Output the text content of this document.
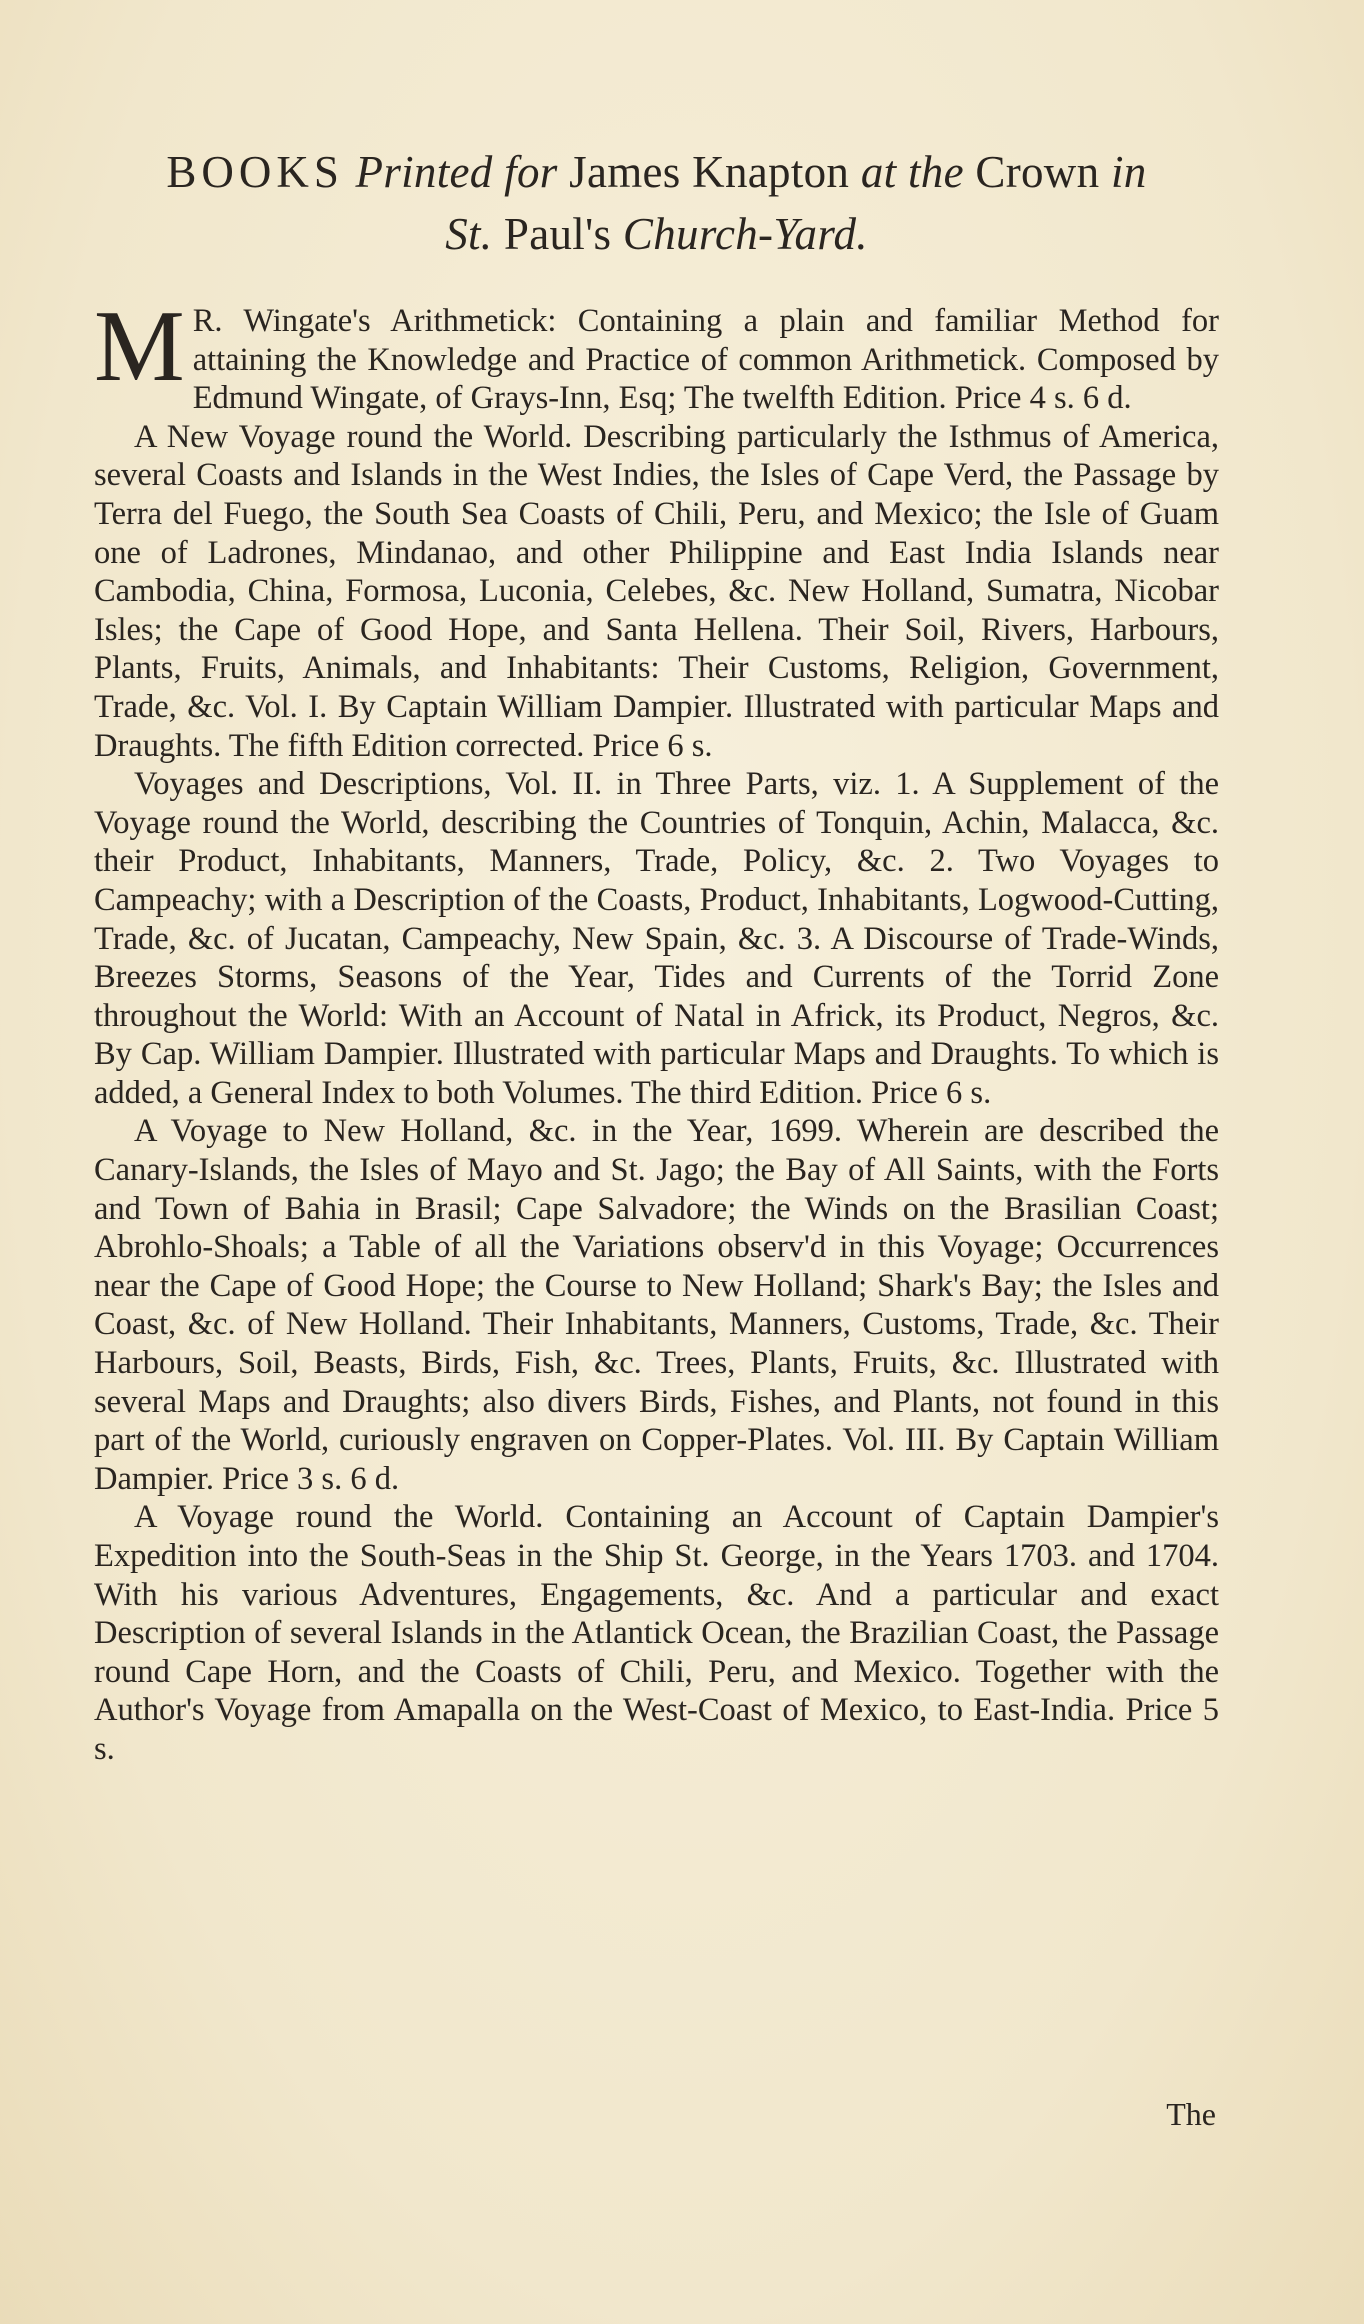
BOOKS Printed for James Knapton at the Crown in
St. Paul's Church-Yard.

M R. Wingate's Arithmetick: Containing a plain and familiar Method for attaining the Knowledge and Practice of common Arithmetick. Composed by Edmund Wingate, of Grays-Inn, Esq; The twelfth Edition. Price 4 s. 6 d.

A New Voyage round the World. Describing particularly the Isthmus of America, several Coasts and Islands in the West Indies, the Isles of Cape Verd, the Passage by Terra del Fuego, the South Sea Coasts of Chili, Peru, and Mexico; the Isle of Guam one of Ladrones, Mindanao, and other Philippine and East India Islands near Cambodia, China, Formosa, Luconia, Celebes, &c. New Holland, Sumatra, Nicobar Isles; the Cape of Good Hope, and Santa Hellena. Their Soil, Rivers, Harbours, Plants, Fruits, Animals, and Inhabitants: Their Customs, Religion, Government, Trade, &c. Vol. I. By Captain William Dampier. Illustrated with particular Maps and Draughts. The fifth Edition corrected. Price 6 s.

Voyages and Descriptions, Vol. II. in Three Parts, viz. 1. A Supplement of the Voyage round the World, describing the Countries of Tonquin, Achin, Malacca, &c. their Product, Inhabitants, Manners, Trade, Policy, &c. 2. Two Voyages to Campeachy; with a Description of the Coasts, Product, Inhabitants, Logwood-Cutting, Trade, &c. of Jucatan, Campeachy, New Spain, &c. 3. A Discourse of Trade-Winds, Breezes Storms, Seasons of the Year, Tides and Currents of the Torrid Zone throughout the World: With an Account of Natal in Africk, its Product, Negros, &c. By Cap. William Dampier. Illustrated with particular Maps and Draughts. To which is added, a General Index to both Volumes. The third Edition. Price 6 s.

A Voyage to New Holland, &c. in the Year, 1699. Wherein are described the Canary-Islands, the Isles of Mayo and St. Jago; the Bay of All Saints, with the Forts and Town of Bahia in Brasil; Cape Salvadore; the Winds on the Brasilian Coast; Abrohlo-Shoals; a Table of all the Variations observ'd in this Voyage; Occurrences near the Cape of Good Hope; the Course to New Holland; Shark's Bay; the Isles and Coast, &c. of New Holland. Their Inhabitants, Manners, Customs, Trade, &c. Their Harbours, Soil, Beasts, Birds, Fish, &c. Trees, Plants, Fruits, &c. Illustrated with several Maps and Draughts; also divers Birds, Fishes, and Plants, not found in this part of the World, curiously engraven on Copper-Plates. Vol. III. By Captain William Dampier. Price 3 s. 6 d.

A Voyage round the World. Containing an Account of Captain Dampier's Expedition into the South-Seas in the Ship St. George, in the Years 1703. and 1704. With his various Adventures, Engagements, &c. And a particular and exact Description of several Islands in the Atlantick Ocean, the Brazilian Coast, the Passage round Cape Horn, and the Coasts of Chili, Peru, and Mexico. Together with the Author's Voyage from Amapalla on the West-Coast of Mexico, to East-India. Price 5 s.

The
